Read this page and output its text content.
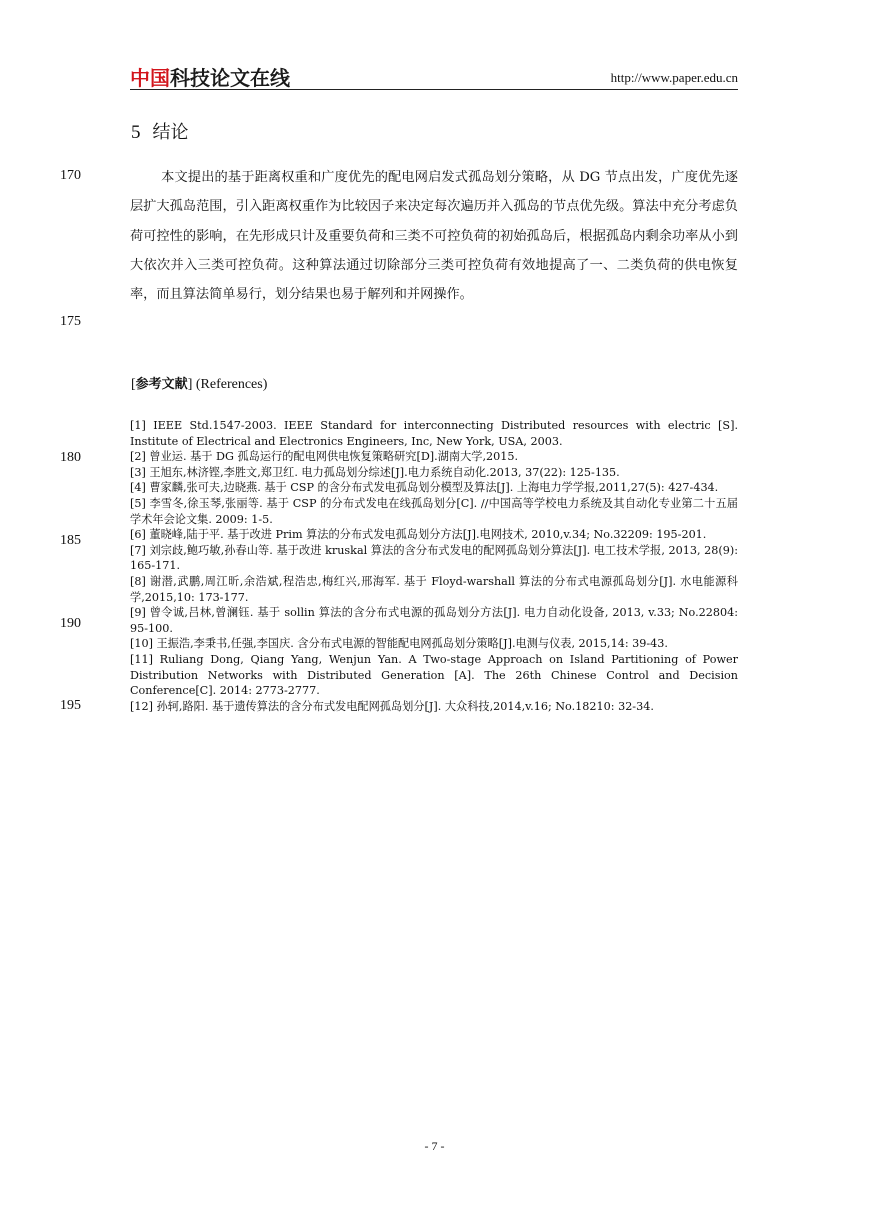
中国科技论文在线	http://www.paper.edu.cn
5 结论
170
175
180
185
190
195
本文提出的基于距离权重和广度优先的配电网启发式孤岛划分策略，从 DG 节点出发，广度优先逐层扩大孤岛范围，引入距离权重作为比较因子来决定每次遍历并入孤岛的节点优先级。算法中充分考虑负荷可控性的影响，在先形成只计及重要负荷和三类不可控负荷的初始孤岛后，根据孤岛内剩余功率从小到大依次并入三类可控负荷。这种算法通过切除部分三类可控负荷有效地提高了一、二类负荷的供电恢复率，而且算法简单易行，划分结果也易于解列和并网操作。
[参考文献] (References)
[1] IEEE Std.1547-2003. IEEE Standard for interconnecting Distributed resources with electric [S]. Institute of Electrical and Electronics Engineers, Inc, New York, USA, 2003.
[2] 曾业运. 基于 DG 孤岛运行的配电网供电恢复策略研究[D].湖南大学,2015.
[3] 王旭东,林济铿,李胜文,郑卫红. 电力孤岛划分综述[J].电力系统自动化.2013, 37(22): 125-135.
[4] 曹家麟,张可夫,边晓燕. 基于 CSP 的含分布式发电孤岛划分模型及算法[J]. 上海电力学学报,2011,27(5): 427-434.
[5] 李雪冬,徐玉琴,张丽等. 基于 CSP 的分布式发电在线孤岛划分[C]. //中国高等学校电力系统及其自动化专业第二十五届学术年会论文集. 2009: 1-5.
[6] 董晓峰,陆于平. 基于改进 Prim 算法的分布式发电孤岛划分方法[J].电网技术, 2010,v.34; No.32209: 195-201.
[7] 刘宗歧,鲍巧敏,孙春山等. 基于改进 kruskal 算法的含分布式发电的配网孤岛划分算法[J]. 电工技术学报, 2013, 28(9): 165-171.
[8] 谢潜,武鹏,周江昕,余浩斌,程浩忠,梅红兴,邢海军. 基于 Floyd-warshall 算法的分布式电源孤岛划分[J]. 水电能源科学,2015,10: 173-177.
[9] 曾令诚,吕林,曾澜钰. 基于 sollin 算法的含分布式电源的孤岛划分方法[J]. 电力自动化设备, 2013, v.33; No.22804: 95-100.
[10] 王振浩,李秉书,任强,李国庆. 含分布式电源的智能配电网孤岛划分策略[J].电测与仪表, 2015,14: 39-43.
[11] Ruliang Dong, Qiang Yang, Wenjun Yan. A Two-stage Approach on Island Partitioning of Power Distribution Networks with Distributed Generation [A]. The 26th Chinese Control and Decision Conference[C]. 2014: 2773-2777.
[12] 孙轲,路阳. 基于遗传算法的含分布式发电配网孤岛划分[J]. 大众科技,2014,v.16; No.18210: 32-34.
- 7 -
